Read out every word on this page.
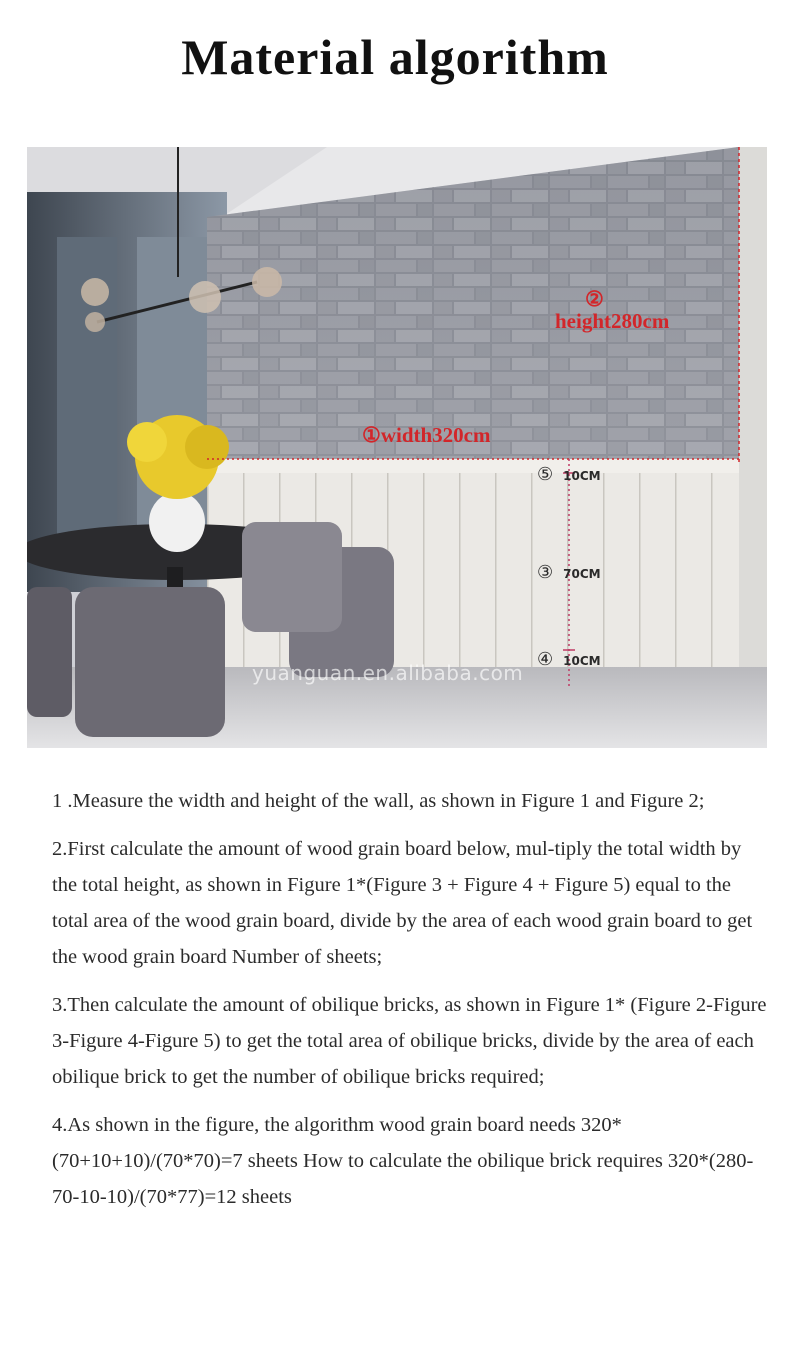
Material algorithm
①width320cm
②
height280cm
⑤ 10CM
③ 70CM
④ 10CM
yuanguan.en.alibaba.com

1 .Measure the width and height of the wall, as shown in Figure 1 and Figure 2;

2.First calculate the amount of wood grain board below, mul-tiply the total width by the total height, as shown in Figure 1*(Figure 3 + Figure 4 + Figure 5) equal to the total area of the wood grain board, divide by the area of each wood grain board to get the wood grain board Number of sheets;

3.Then calculate the amount of obilique bricks, as shown in Figure 1* (Figure 2-Figure 3-Figure 4-Figure 5) to get the total area of obilique bricks, divide by the area of each obilique brick to get the number of obilique bricks required;

4.As shown in the figure, the algorithm wood grain board needs 320*(70+10+10)/(70*70)=7 sheets How to calculate the obilique brick requires 320*(280-70-10-10)/(70*77)=12 sheets
